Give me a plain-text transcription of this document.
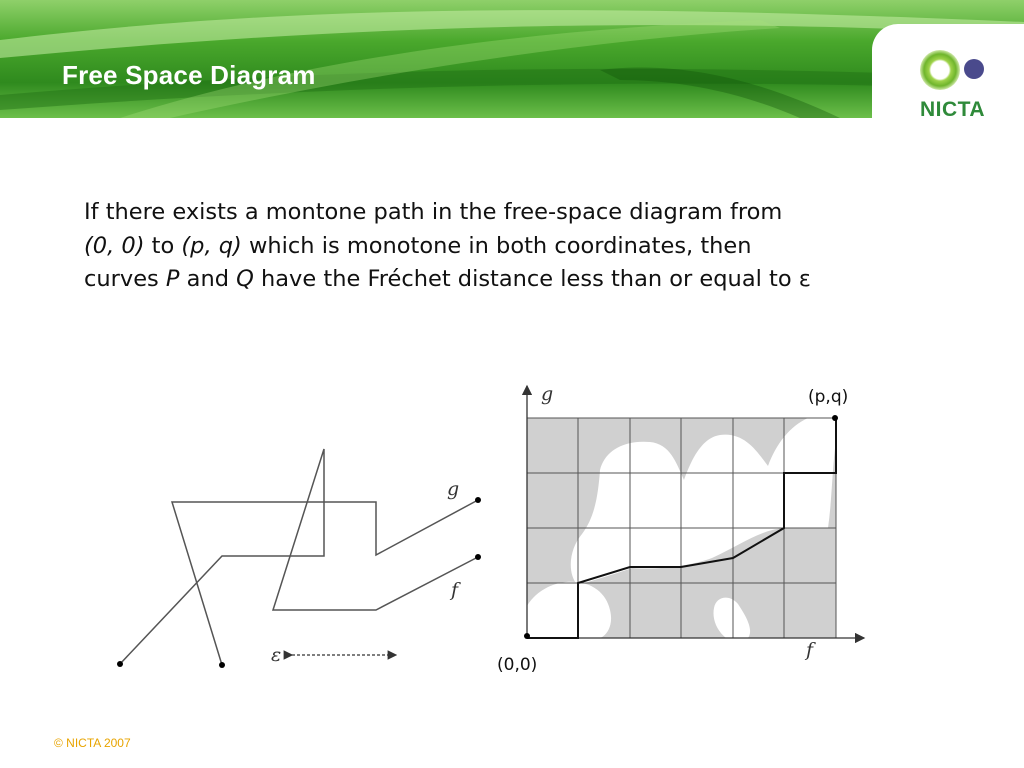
Free Space Diagram
NICTA
If there exists a montone path in the free-space diagram from
(0, 0) to (p, q) which is monotone in both coordinates, then
curves P and Q have the Fréchet distance less than or equal to ε
g
f
ε
g
f
(0,0)
(p,q)
© NICTA 2007
